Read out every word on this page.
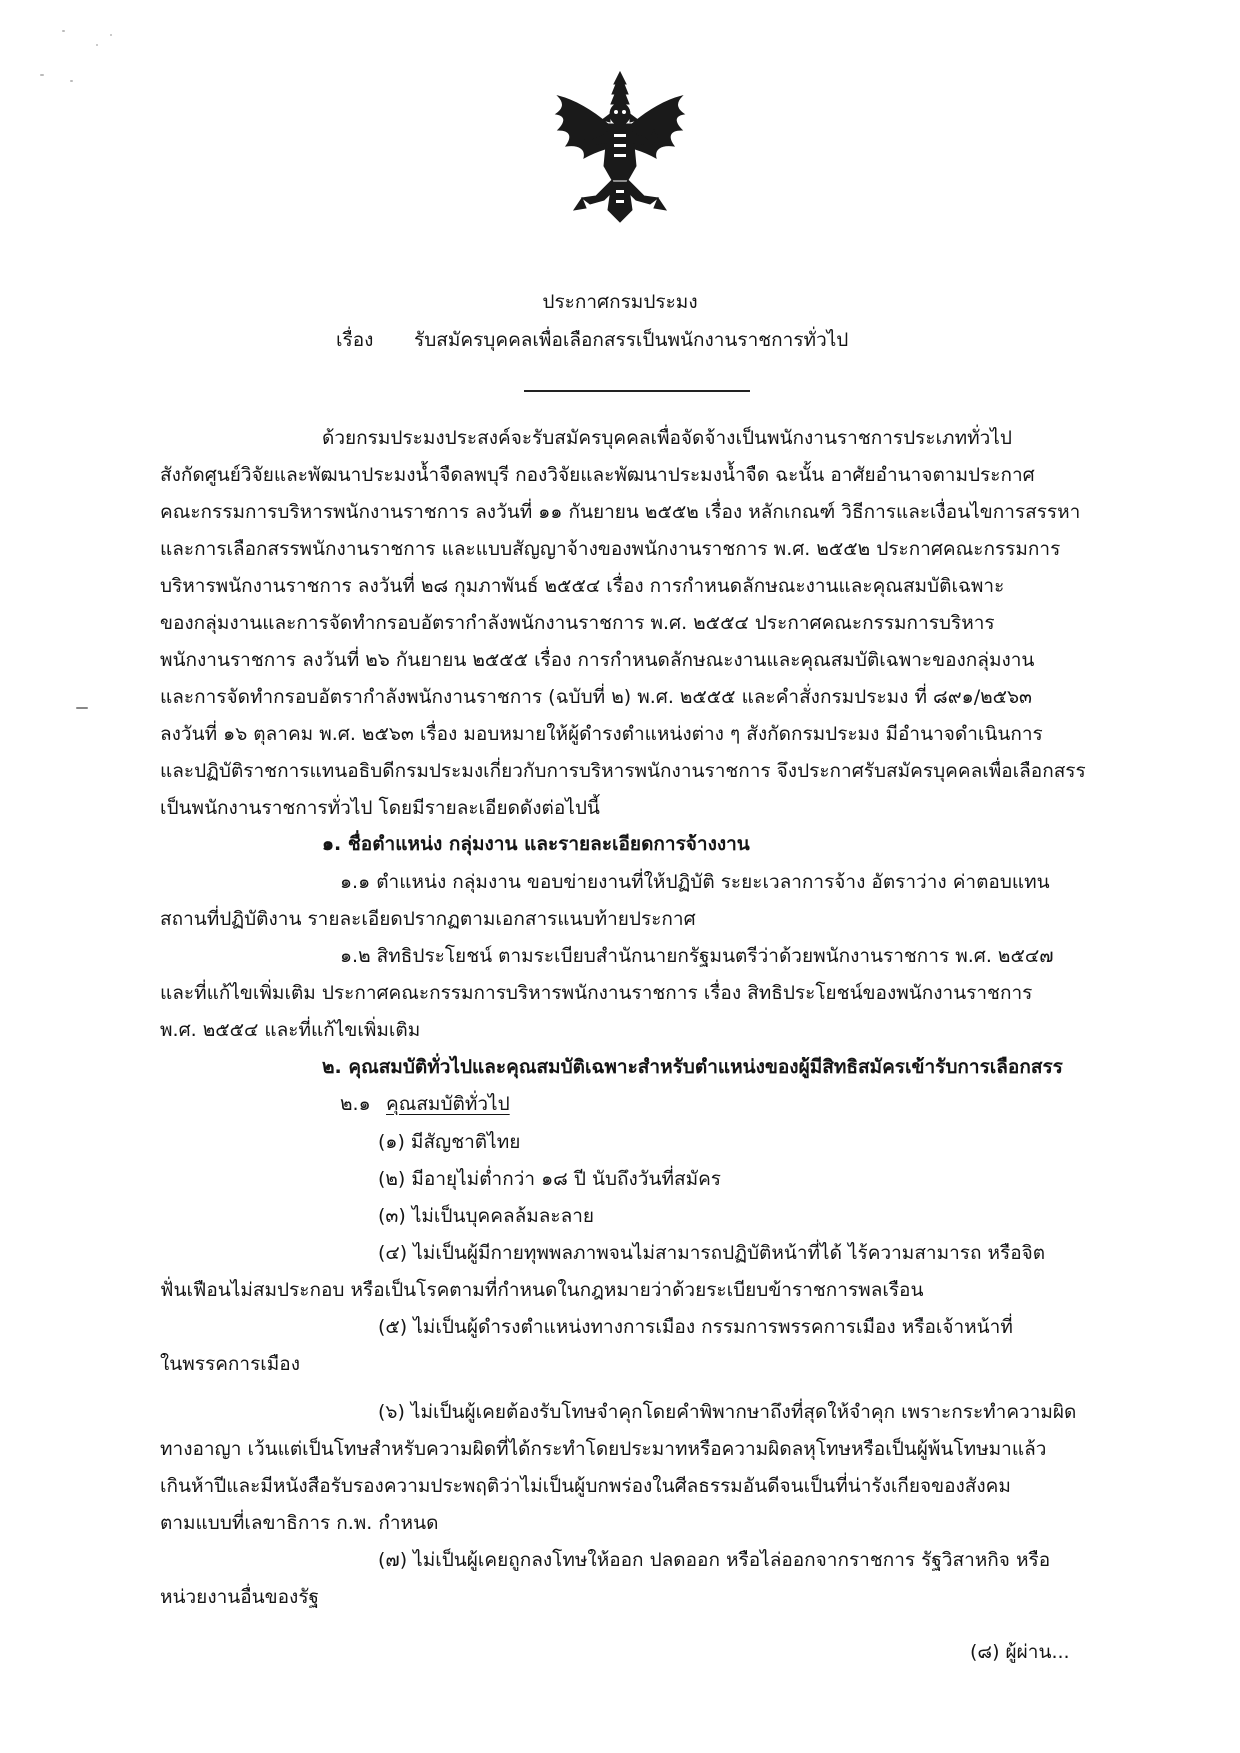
ประกาศกรมประมง
เรื่อง รับสมัครบุคคลเพื่อเลือกสรรเป็นพนักงานราชการทั่วไป
ด้วยกรมประมงประสงค์จะรับสมัครบุคคลเพื่อจัดจ้างเป็นพนักงานราชการประเภททั่วไป
สังกัดศูนย์วิจัยและพัฒนาประมงน้ำจืดลพบุรี กองวิจัยและพัฒนาประมงน้ำจืด ฉะนั้น อาศัยอำนาจตามประกาศ
คณะกรรมการบริหารพนักงานราชการ ลงวันที่ ๑๑ กันยายน ๒๕๕๒ เรื่อง หลักเกณฑ์ วิธีการและเงื่อนไขการสรรหา
และการเลือกสรรพนักงานราชการ และแบบสัญญาจ้างของพนักงานราชการ พ.ศ. ๒๕๕๒ ประกาศคณะกรรมการ
บริหารพนักงานราชการ ลงวันที่ ๒๘ กุมภาพันธ์ ๒๕๕๔ เรื่อง การกำหนดลักษณะงานและคุณสมบัติเฉพาะ
ของกลุ่มงานและการจัดทำกรอบอัตรากำลังพนักงานราชการ พ.ศ. ๒๕๕๔ ประกาศคณะกรรมการบริหาร
พนักงานราชการ ลงวันที่ ๒๖ กันยายน ๒๕๕๕ เรื่อง การกำหนดลักษณะงานและคุณสมบัติเฉพาะของกลุ่มงาน
และการจัดทำกรอบอัตรากำลังพนักงานราชการ (ฉบับที่ ๒) พ.ศ. ๒๕๕๕ และคำสั่งกรมประมง ที่ ๘๙๑/๒๕๖๓
ลงวันที่ ๑๖ ตุลาคม พ.ศ. ๒๕๖๓ เรื่อง มอบหมายให้ผู้ดำรงตำแหน่งต่าง ๆ สังกัดกรมประมง มีอำนาจดำเนินการ
และปฏิบัติราชการแทนอธิบดีกรมประมงเกี่ยวกับการบริหารพนักงานราชการ จึงประกาศรับสมัครบุคคลเพื่อเลือกสรร
เป็นพนักงานราชการทั่วไป โดยมีรายละเอียดดังต่อไปนี้
๑. ชื่อตำแหน่ง กลุ่มงาน และรายละเอียดการจ้างงาน
๑.๑ ตำแหน่ง กลุ่มงาน ขอบข่ายงานที่ให้ปฏิบัติ ระยะเวลาการจ้าง อัตราว่าง ค่าตอบแทน
สถานที่ปฏิบัติงาน รายละเอียดปรากฏตามเอกสารแนบท้ายประกาศ
๑.๒ สิทธิประโยชน์ ตามระเบียบสำนักนายกรัฐมนตรีว่าด้วยพนักงานราชการ พ.ศ. ๒๕๔๗
และที่แก้ไขเพิ่มเติม ประกาศคณะกรรมการบริหารพนักงานราชการ เรื่อง สิทธิประโยชน์ของพนักงานราชการ
พ.ศ. ๒๕๕๔ และที่แก้ไขเพิ่มเติม
๒. คุณสมบัติทั่วไปและคุณสมบัติเฉพาะสำหรับตำแหน่งของผู้มีสิทธิสมัครเข้ารับการเลือกสรร
๒.๑ คุณสมบัติทั่วไป
(๑) มีสัญชาติไทย
(๒) มีอายุไม่ต่ำกว่า ๑๘ ปี นับถึงวันที่สมัคร
(๓) ไม่เป็นบุคคลล้มละลาย
(๔) ไม่เป็นผู้มีกายทุพพลภาพจนไม่สามารถปฏิบัติหน้าที่ได้ ไร้ความสามารถ หรือจิต
ฟั่นเฟือนไม่สมประกอบ หรือเป็นโรคตามที่กำหนดในกฎหมายว่าด้วยระเบียบข้าราชการพลเรือน
(๕) ไม่เป็นผู้ดำรงตำแหน่งทางการเมือง กรรมการพรรคการเมือง หรือเจ้าหน้าที่
ในพรรคการเมือง
(๖) ไม่เป็นผู้เคยต้องรับโทษจำคุกโดยคำพิพากษาถึงที่สุดให้จำคุก เพราะกระทำความผิด
ทางอาญา เว้นแต่เป็นโทษสำหรับความผิดที่ได้กระทำโดยประมาทหรือความผิดลหุโทษหรือเป็นผู้พ้นโทษมาแล้ว
เกินห้าปีและมีหนังสือรับรองความประพฤติว่าไม่เป็นผู้บกพร่องในศีลธรรมอันดีจนเป็นที่น่ารังเกียจของสังคม
ตามแบบที่เลขาธิการ ก.พ. กำหนด
(๗) ไม่เป็นผู้เคยถูกลงโทษให้ออก ปลดออก หรือไล่ออกจากราชการ รัฐวิสาหกิจ หรือ
หน่วยงานอื่นของรัฐ
(๘) ผู้ผ่าน...
